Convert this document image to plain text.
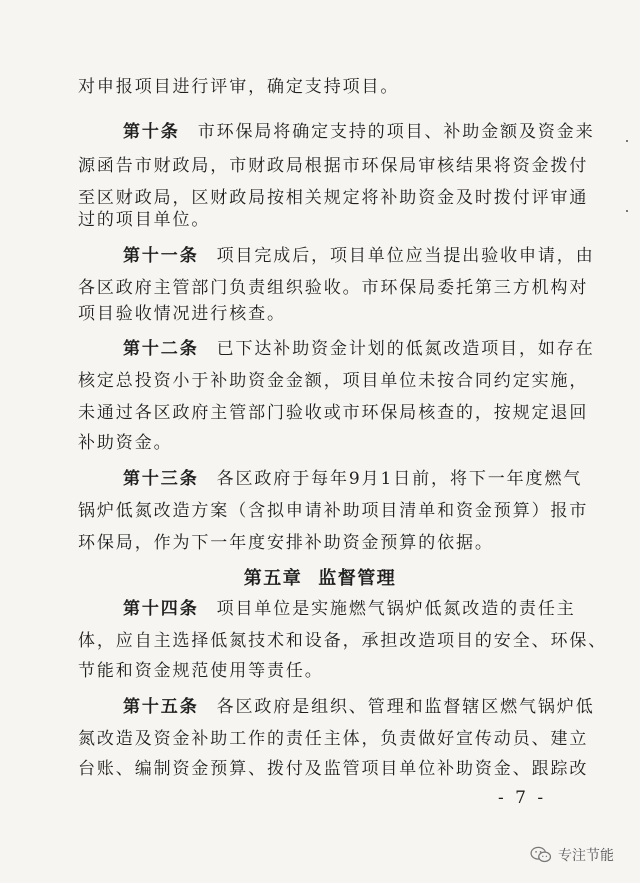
对申报项目进行评审，确定支持项目。
第十条 市环保局将确定支持的项目、补助金额及资金来
源函告市财政局，市财政局根据市环保局审核结果将资金拨付
至区财政局，区财政局按相关规定将补助资金及时拨付评审通
过的项目单位。
第十一条 项目完成后，项目单位应当提出验收申请，由
各区政府主管部门负责组织验收。市环保局委托第三方机构对
项目验收情况进行核查。
第十二条 已下达补助资金计划的低氮改造项目，如存在
核定总投资小于补助资金金额，项目单位未按合同约定实施，
未通过各区政府主管部门验收或市环保局核查的，按规定退回
补助资金。
第十三条 各区政府于每年9月1日前，将下一年度燃气
锅炉低氮改造方案（含拟申请补助项目清单和资金预算）报市
环保局，作为下一年度安排补助资金预算的依据。
第五章 监督管理
第十四条 项目单位是实施燃气锅炉低氮改造的责任主
体，应自主选择低氮技术和设备，承担改造项目的安全、环保、
节能和资金规范使用等责任。
第十五条 各区政府是组织、管理和监督辖区燃气锅炉低
氮改造及资金补助工作的责任主体，负责做好宣传动员、建立
台账、编制资金预算、拨付及监管项目单位补助资金、跟踪改
- 7 -
专注节能
